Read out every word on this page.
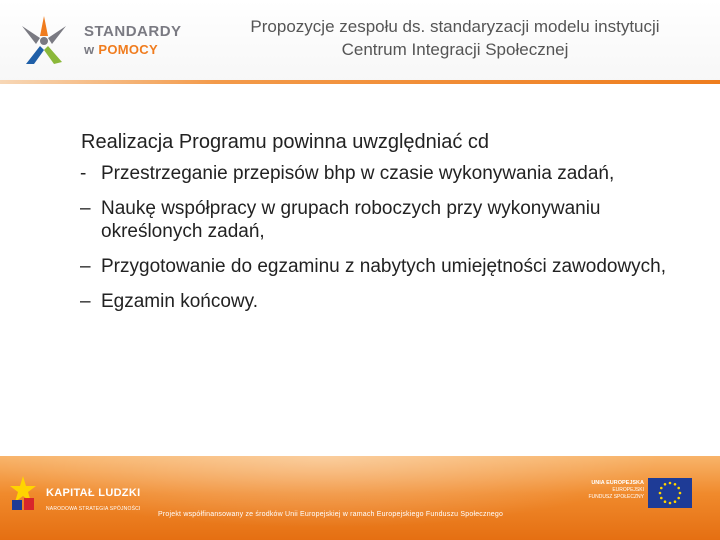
STANDARDY
w POMOCY
Propozycje zespołu ds. standaryzacji modelu instytucji
Centrum Integracji Społecznej
Realizacja Programu powinna uwzględniać cd
- Przestrzeganie przepisów bhp w czasie wykonywania zadań,
– Naukę współpracy w grupach roboczych przy wykonywaniu określonych zadań,
– Przygotowanie do egzaminu z nabytych umiejętności zawodowych,
– Egzamin końcowy.
KAPITAŁ LUDZKI
NARODOWA STRATEGIA SPÓJNOŚCI
Projekt współfinansowany ze środków Unii Europejskiej w ramach Europejskiego Funduszu Społecznego
UNIA EUROPEJSKA
EUROPEJSKI
FUNDUSZ SPOŁECZNY
